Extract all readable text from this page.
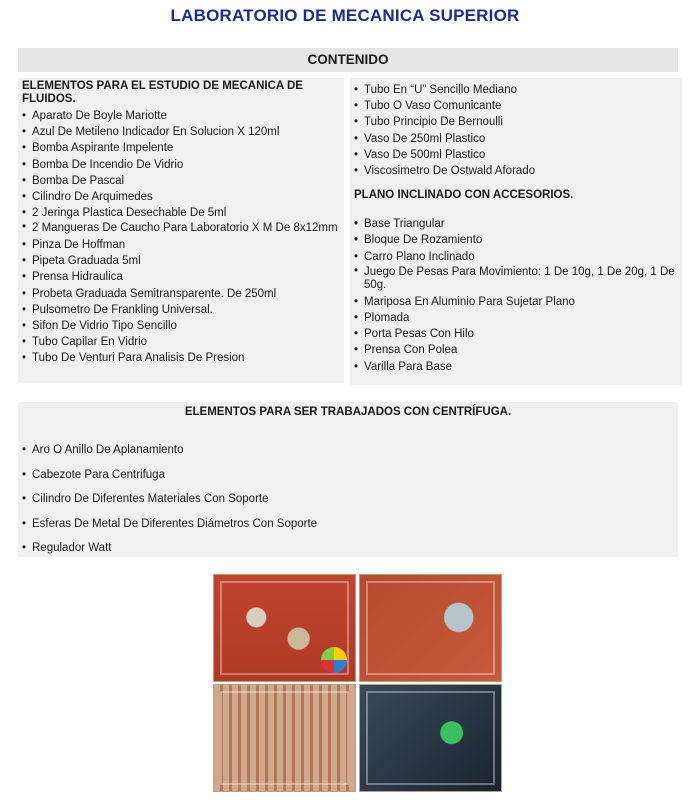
LABORATORIO DE MECANICA SUPERIOR
CONTENIDO
ELEMENTOS PARA EL ESTUDIO DE MECANICA DE FLUIDOS.
• Aparato De Boyle Mariotte
• Azul De Metileno Indicador En Solucion X 120ml
• Bomba Aspirante Impelente
• Bomba De Incendio De Vidrio
• Bomba De Pascal
• Cilindro De Arquimedes
• 2 Jeringa Plastica Desechable De 5ml
• 2 Mangueras De Caucho Para Laboratorio X M De 8x12mm
• Pinza De Hoffman
• Pipeta Graduada 5ml
• Prensa Hidraulica
• Probeta Graduada Semitransparente. De 250ml
• Pulsometro De Frankling Universal.
• Sifon De Vidrio Tipo Sencillo
• Tubo Capilar En Vidrio
• Tubo De Venturi Para Analisis De Presion
• Tubo En “U” Sencillo Mediano
• Tubo O Vaso Comunicante
• Tubo Principio De Bernoulli
• Vaso De 250ml Plastico
• Vaso De 500ml Plastico
• Viscosimetro De Ostwald Aforado
PLANO INCLINADO CON ACCESORIOS.
• Base Triangular
• Bloque De Rozamiento
• Carro Plano Inclinado
• Juego De Pesas Para Movimiento: 1 De 10g, 1 De 20g, 1 De 50g.
• Mariposa En Aluminio Para Sujetar Plano
• Plomada
• Porta Pesas Con Hilo
• Prensa Con Polea
• Varilla Para Base
ELEMENTOS PARA SER TRABAJADOS CON CENTRÍFUGA.
• Aro O Anillo De Aplanamiento
• Cabezote Para Centrifuga
• Cilindro De Diferentes Materiales Con Soporte
• Esferas De Metal De Diferentes Diámetros Con Soporte
• Regulador Watt
